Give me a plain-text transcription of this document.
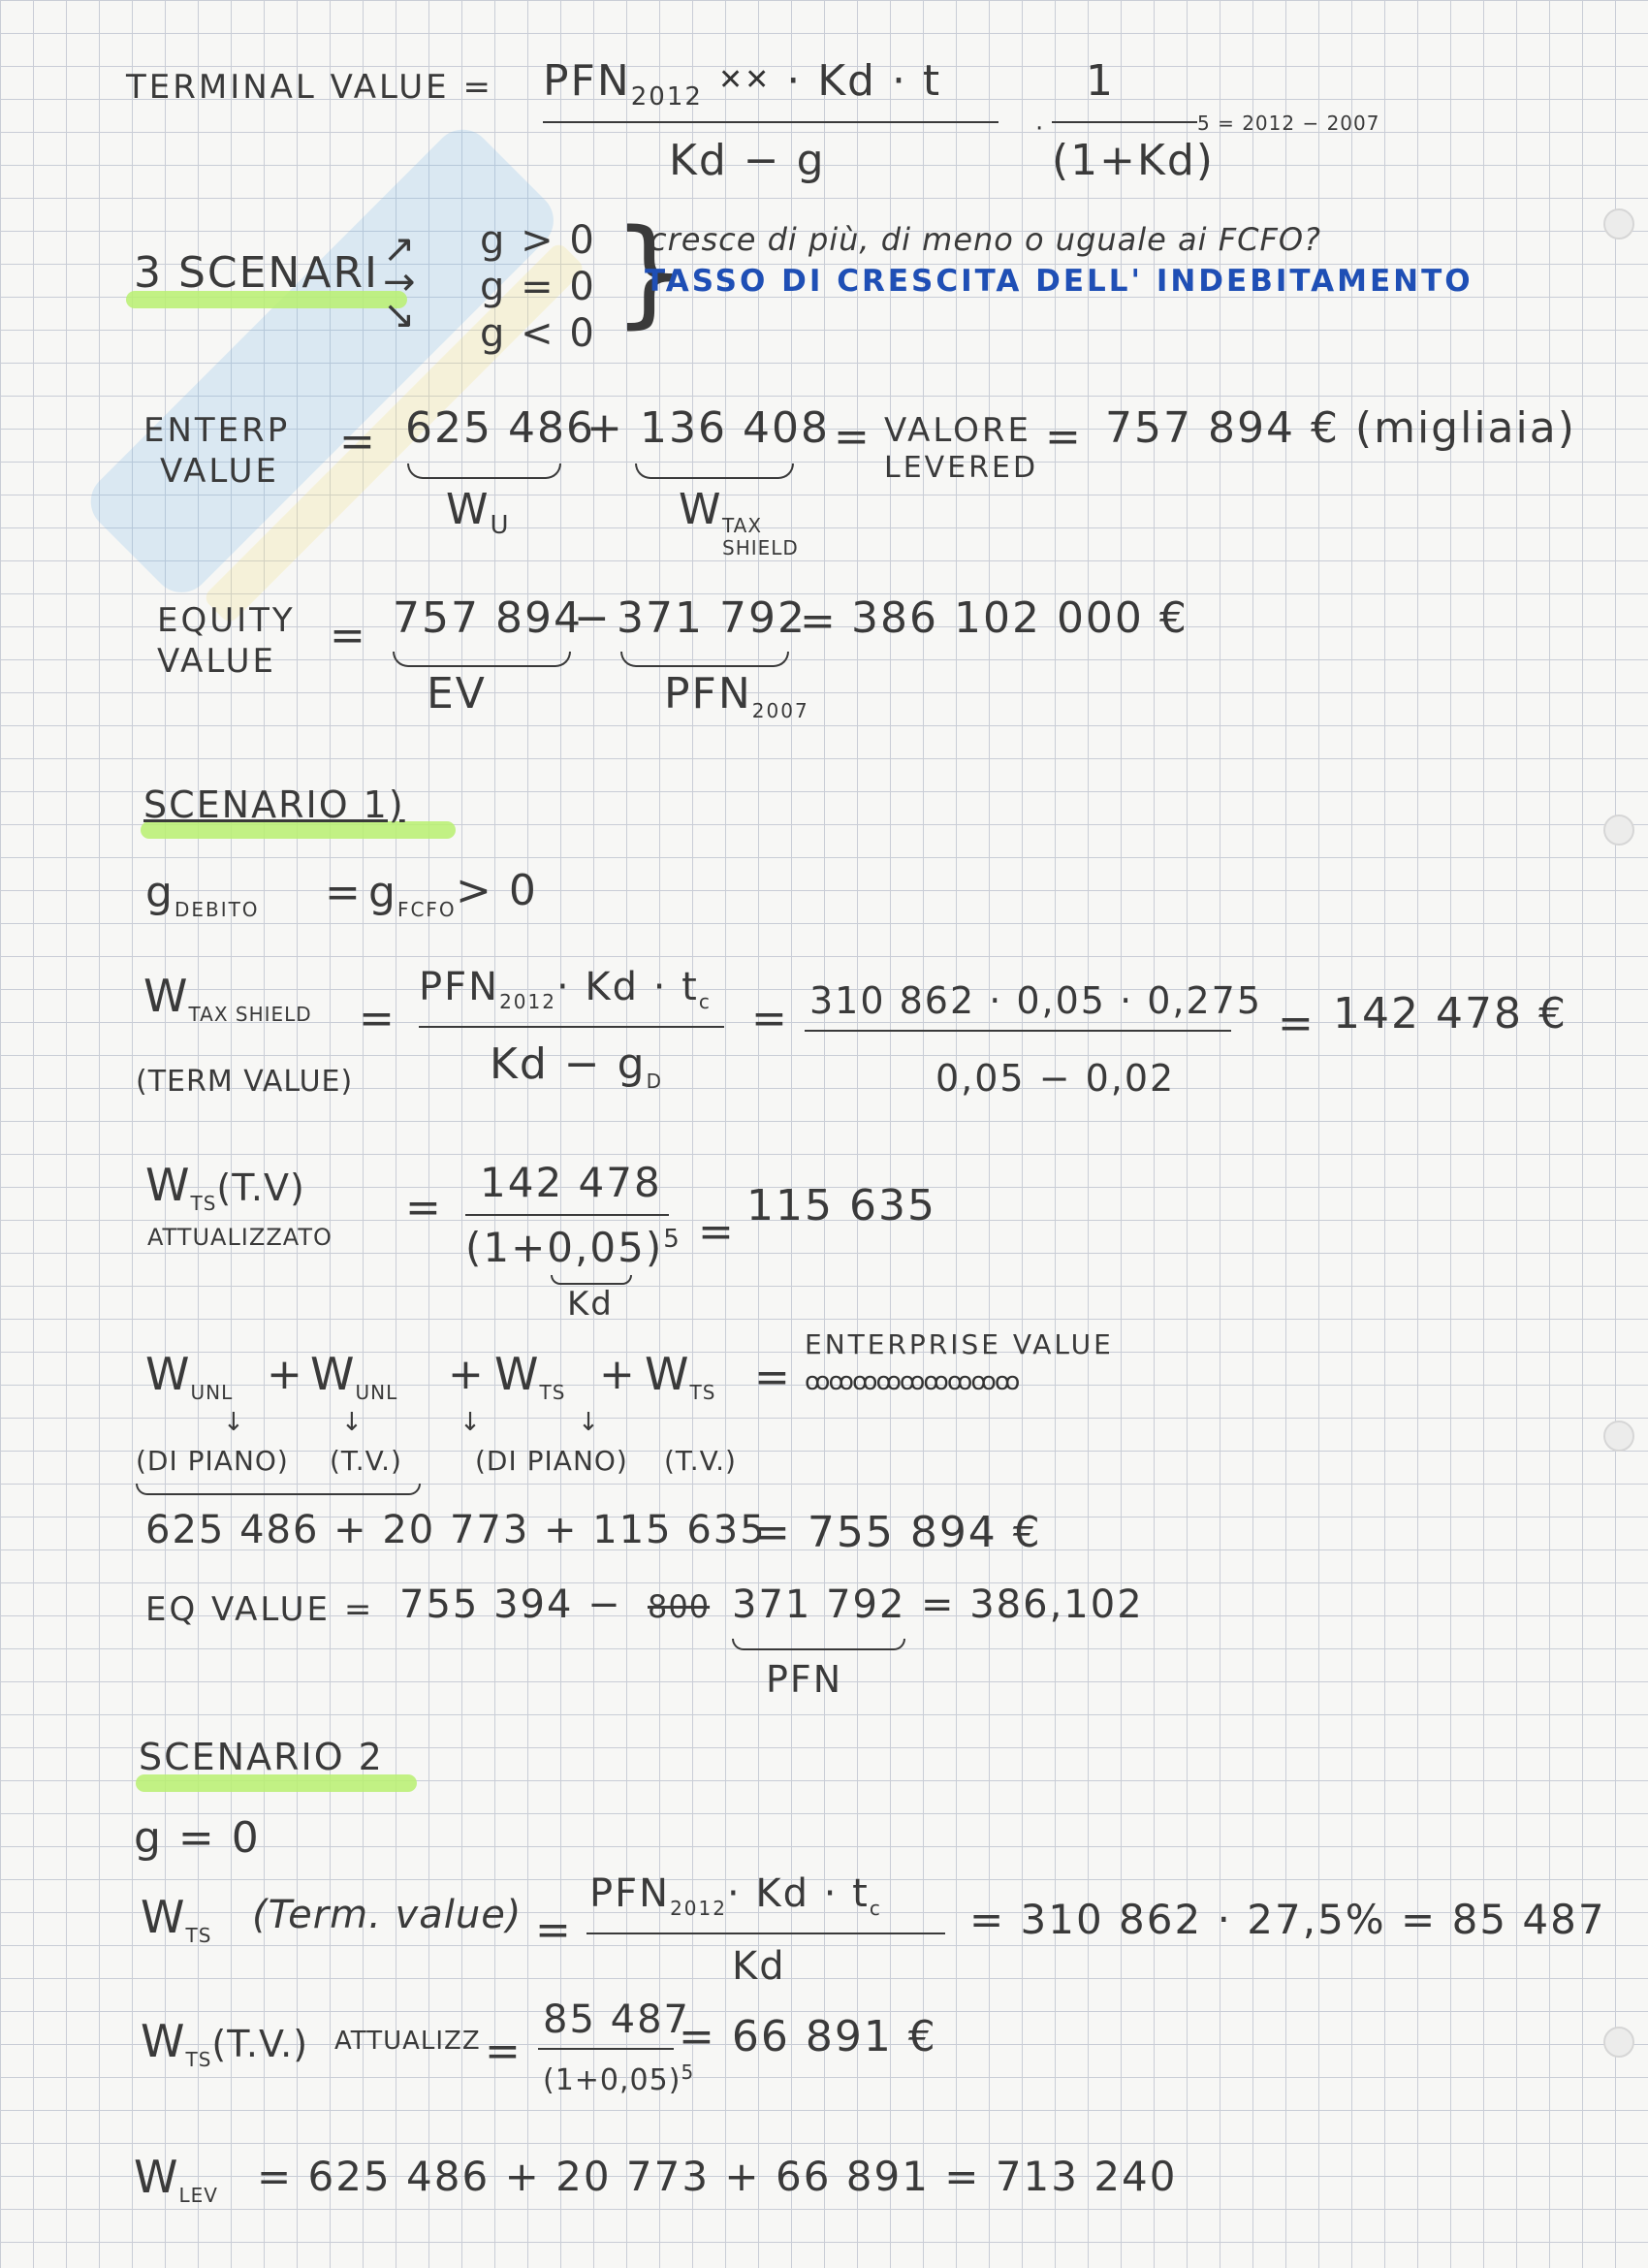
TERMINAL VALUE = $PFN_{2012}$ ✕✕ · Kd · t
Kd − g
·
1
(1+Kd)
5 = 2012 − 2007
3 SCENARI ↗
→
↘
g > 0
g = 0
g < 0 }
cresce di più, di meno o uguale ai FCFO?
TASSO DI CRESCITA DELL' INDEBITAMENTO
ENTERP
VALUE
= 625 486
+ 136 408 = VALORE
LEVERED
= 757 894 € (migliaia)
$W_U$	W TAX
SHIELD
EQUITY
VALUE
= 757 894
− 371 792
= 386 102 000 €
EV	$PFN_{2007}$
SCENARIO 1)
$g_{DEBITO} = g_{FCFO} > 0$
$W_{TAX SHIELD}$
(TERM VALUE)
=
$PFN_{2012}\cdot Kd \cdot t_c$
$Kd - g_D$
= 310 862 · 0,05 · 0,275
0,05 − 0,02
= 142 478 €
$W_{TS}(T.V)$
ATTUALIZZATO
=
142 478
$(1+0,05)^5$
Kd
=
115 635
$W_{UNL} + W_{UNL} + W_{TS} + W_{TS}$ =
ENTERPRISE VALUE
ꝏꝏꝏꝏꝏꝏꝏꝏꝏ
↓ ↓ ↓ ↓
(DI PIANO) (T.V.)	(DI PIANO) (T.V.)
625 486 + 20 773 + 115 635
= 755 894 €
EQ VALUE = 755 394 − 800 371 792 = 386,102
PFN
SCENARIO 2
g = 0
$W_{TS}$ (Term. value) =
$PFN_{2012}\cdot Kd \cdot t_c$
Kd
= 310 862 · 27,5% = 85 487
$W_{TS}(T.V.)$ ATTUALIZZ =
85 487
$(1+0,05)^5$
= 66 891 €
$W_{LEV} = 625$ 486 + 20 773 + 66 891 = 713 240
